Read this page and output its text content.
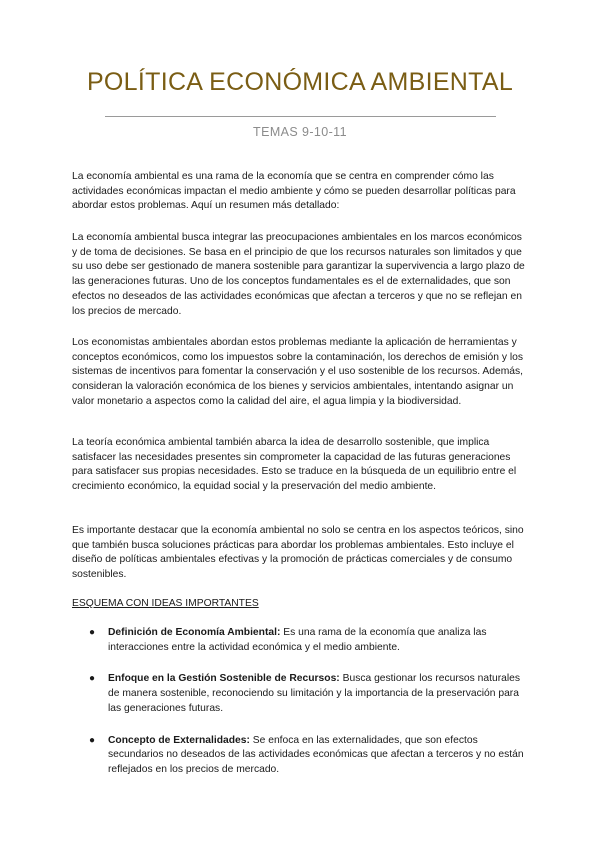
POLÍTICA ECONÓMICA AMBIENTAL
TEMAS 9-10-11

La economía ambiental es una rama de la economía que se centra en comprender cómo las actividades económicas impactan el medio ambiente y cómo se pueden desarrollar políticas para abordar estos problemas. Aquí un resumen más detallado:

La economía ambiental busca integrar las preocupaciones ambientales en los marcos económicos y de toma de decisiones. Se basa en el principio de que los recursos naturales son limitados y que su uso debe ser gestionado de manera sostenible para garantizar la supervivencia a largo plazo de las generaciones futuras. Uno de los conceptos fundamentales es el de externalidades, que son efectos no deseados de las actividades económicas que afectan a terceros y que no se reflejan en los precios de mercado.

Los economistas ambientales abordan estos problemas mediante la aplicación de herramientas y conceptos económicos, como los impuestos sobre la contaminación, los derechos de emisión y los sistemas de incentivos para fomentar la conservación y el uso sostenible de los recursos. Además, consideran la valoración económica de los bienes y servicios ambientales, intentando asignar un valor monetario a aspectos como la calidad del aire, el agua limpia y la biodiversidad.

La teoría económica ambiental también abarca la idea de desarrollo sostenible, que implica satisfacer las necesidades presentes sin comprometer la capacidad de las futuras generaciones para satisfacer sus propias necesidades. Esto se traduce en la búsqueda de un equilibrio entre el crecimiento económico, la equidad social y la preservación del medio ambiente.

Es importante destacar que la economía ambiental no solo se centra en los aspectos teóricos, sino que también busca soluciones prácticas para abordar los problemas ambientales. Esto incluye el diseño de políticas ambientales efectivas y la promoción de prácticas comerciales y de consumo sostenibles.

ESQUEMA CON IDEAS IMPORTANTES
● Definición de Economía Ambiental: Es una rama de la economía que analiza las interacciones entre la actividad económica y el medio ambiente.
● Enfoque en la Gestión Sostenible de Recursos: Busca gestionar los recursos naturales de manera sostenible, reconociendo su limitación y la importancia de la preservación para las generaciones futuras.
● Concepto de Externalidades: Se enfoca en las externalidades, que son efectos secundarios no deseados de las actividades económicas que afectan a terceros y no están reflejados en los precios de mercado.
